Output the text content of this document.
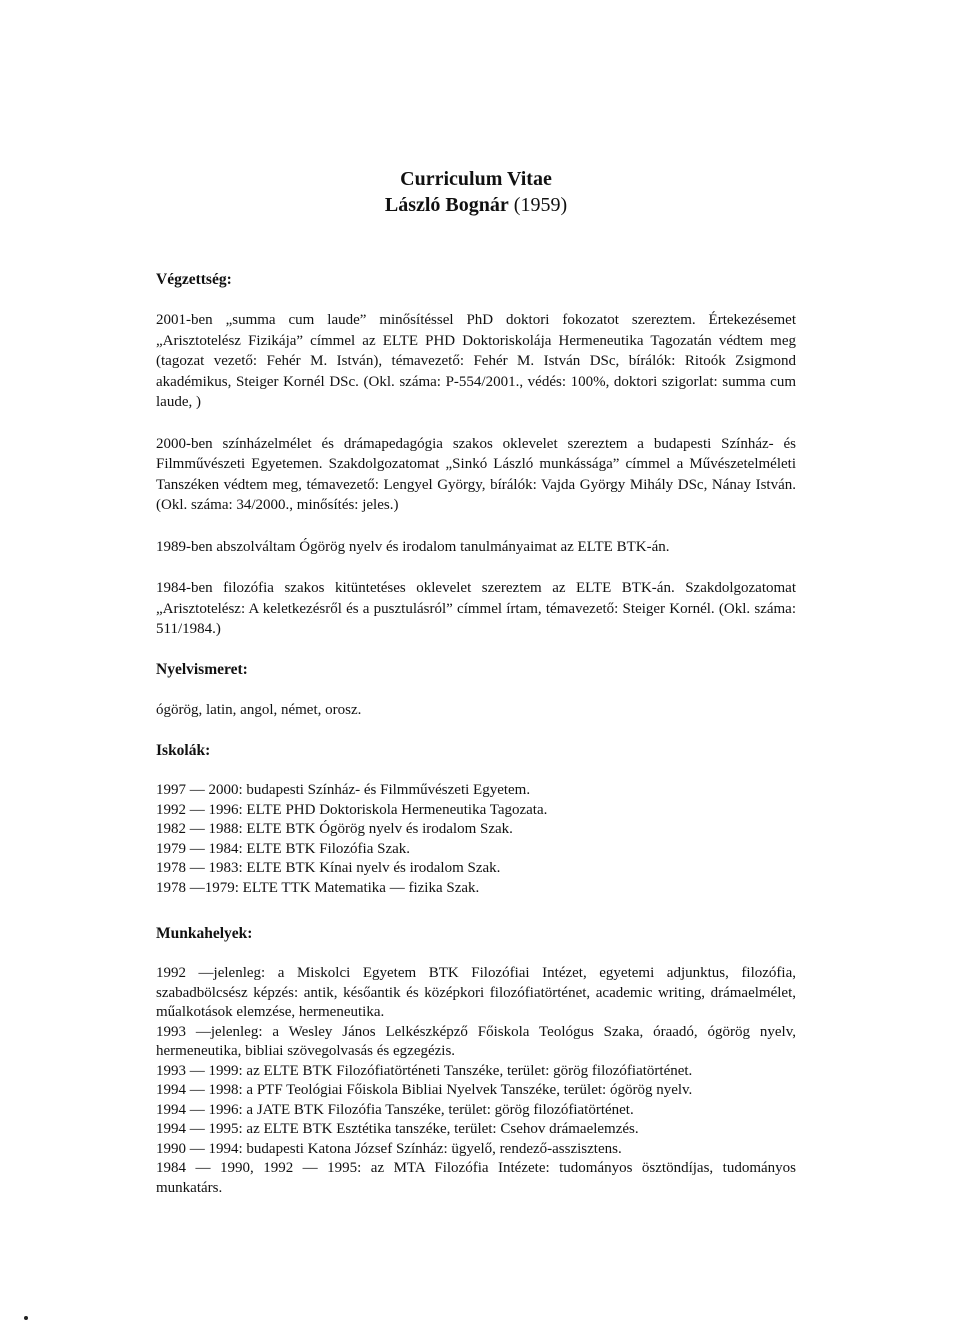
Curriculum Vitae

László Bognár (1959)

Végzettség:

2001-ben „summa cum laude” minősítéssel PhD doktori fokozatot szereztem. Értekezésemet „Arisztotelész Fizikája” címmel az ELTE PHD Doktoriskolája Hermeneutika Tagozatán védtem meg (tagozat vezető: Fehér M. István), témavezető: Fehér M. István DSc, bírálók: Ritoók Zsigmond akadémikus, Steiger Kornél DSc. (Okl. száma: P-554/2001., védés: 100%, doktori szigorlat: summa cum laude, )

2000-ben színházelmélet és drámapedagógia szakos oklevelet szereztem a budapesti Színház- és Filmművészeti Egyetemen. Szakdolgozatomat „Sinkó László munkássága” címmel a Művészetelméleti Tanszéken védtem meg, témavezető: Lengyel György, bírálók: Vajda György Mihály DSc, Nánay István. (Okl. száma: 34/2000., minősítés: jeles.)

1989-ben abszolváltam Ógörög nyelv és irodalom tanulmányaimat az ELTE BTK-án.

1984-ben filozófia szakos kitüntetéses oklevelet szereztem az ELTE BTK-án. Szakdolgozatomat „Arisztotelész: A keletkezésről és a pusztulásról” címmel írtam, témavezető: Steiger Kornél. (Okl. száma: 511/1984.)

Nyelvismeret:

ógörög, latin, angol, német, orosz.

Iskolák:
1997 — 2000: budapesti Színház- és Filmművészeti Egyetem.
1992 — 1996: ELTE PHD Doktoriskola Hermeneutika Tagozata.
1982 — 1988: ELTE BTK Ógörög nyelv és irodalom Szak.
1979 — 1984: ELTE BTK Filozófia Szak.
1978 — 1983: ELTE BTK Kínai nyelv és irodalom Szak.
1978 —1979: ELTE TTK Matematika — fizika Szak.
Munkahelyek:
1992 —jelenleg: a Miskolci Egyetem BTK Filozófiai Intézet, egyetemi adjunktus, filozófia, szabadbölcsész képzés: antik, későantik és középkori filozófiatörténet, academic writing, drámaelmélet, műalkotások elemzése, hermeneutika.
1993 —jelenleg: a Wesley János Lelkészképző Főiskola Teológus Szaka, óraadó, ógörög nyelv, hermeneutika, bibliai szövegolvasás és egzegézis.
1993 — 1999: az ELTE BTK Filozófiatörténeti Tanszéke, terület: görög filozófiatörténet.
1994 — 1998: a PTF Teológiai Főiskola Bibliai Nyelvek Tanszéke, terület: ógörög nyelv.
1994 — 1996: a JATE BTK Filozófia Tanszéke, terület: görög filozófiatörténet.
1994 — 1995: az ELTE BTK Esztétika tanszéke, terület: Csehov drámaelemzés.
1990 — 1994: budapesti Katona József Színház: ügyelő, rendező-asszisztens.
1984 — 1990, 1992 — 1995: az MTA Filozófia Intézete: tudományos ösztöndíjas, tudományos munkatárs.
